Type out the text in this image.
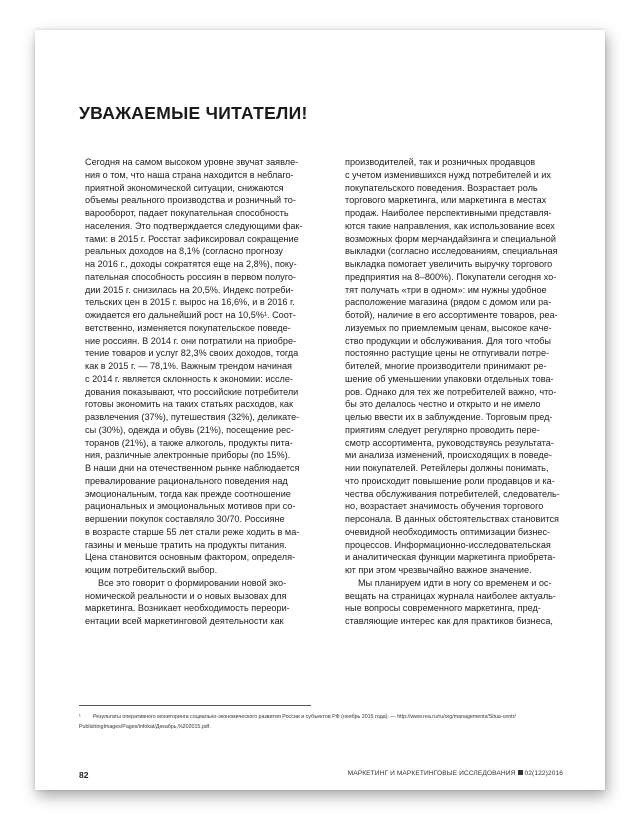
УВАЖАЕМЫЕ ЧИТАТЕЛИ!
Сегодня на самом высоком уровне звучат заявле-
ния о том, что наша страна находится в неблаго-
приятной экономической ситуации, снижаются
объемы реального производства и розничный то-
варооборот, падает покупательная способность
населения. Это подтверждается следующими фак-
тами: в 2015 г. Росстат зафиксировал сокращение
реальных доходов на 8,1% (согласно прогнозу
на 2016 г., доходы сократятся еще на 2,8%), поку-
пательная способность россиян в первом полуго-
дии 2015 г. снизилась на 20,5%. Индекс потреби-
тельских цен в 2015 г. вырос на 16,6%, и в 2016 г.
ожидается его дальнейший рост на 10,5%¹. Соот-
ветственно, изменяется покупательское поведе-
ние россиян. В 2014 г. они потратили на приобре-
тение товаров и услуг 82,3% своих доходов, тогда
как в 2015 г. — 78,1%. Важным трендом начиная
с 2014 г. является склонность к экономии: иссле-
дования показывают, что российские потребители
готовы экономить на таких статьях расходов, как
развлечения (37%), путешествия (32%), деликате-
сы (30%), одежда и обувь (21%), посещение рес-
торанов (21%), а также алкоголь, продукты пита-
ния, различные электронные приборы (по 15%).
В наши дни на отечественном рынке наблюдается
превалирование рационального поведения над
эмоциональным, тогда как прежде соотношение
рациональных и эмоциональных мотивов при со-
вершении покупок составляло 30/70. Россияне
в возрасте старше 55 лет стали реже ходить в ма-
газины и меньше тратить на продукты питания.
Цена становится основным фактором, определя-
ющим потребительский выбор.
Все это говорит о формировании новой эко-
номической реальности и о новых вызовах для
маркетинга. Возникает необходимость переори-
ентации всей маркетинговой деятельности как
производителей, так и розничных продавцов
с учетом изменившихся нужд потребителей и их
покупательского поведения. Возрастает роль
торгового маркетинга, или маркетинга в местах
продаж. Наиболее перспективными представля-
ются такие направления, как использование всех
возможных форм мерчандайзинга и специальной
выкладки (согласно исследованиям, специальная
выкладка помогает увеличить выручку торгового
предприятия на 8–800%). Покупатели сегодня хо-
тят получать «три в одном»: им нужны удобное
расположение магазина (рядом с домом или ра-
ботой), наличие в его ассортименте товаров, реа-
лизуемых по приемлемым ценам, высокое каче-
ство продукции и обслуживания. Для того чтобы
постоянно растущие цены не отпугивали потре-
бителей, многие производители принимают ре-
шение об уменьшении упаковки отдельных това-
ров. Однако для тех же потребителей важно, что-
бы это делалось честно и открыто и не имело
целью ввести их в заблуждение. Торговым пред-
приятиям следует регулярно проводить пере-
смотр ассортимента, руководствуясь результата-
ми анализа изменений, происходящих в поведе-
нии покупателей. Ретейлеры должны понимать,
что происходит повышение роли продавцов и ка-
чества обслуживания потребителей, следователь-
но, возрастает значимость обучения торгового
персонала. В данных обстоятельствах становится
очевидной необходимость оптимизации бизнес-
процессов. Информационно-исследовательская
и аналитическая функции маркетинга приобрета-
ют при этом чрезвычайно важное значение.
Мы планируем идти в ногу со временем и ос-
вещать на страницах журнала наиболее актуаль-
ные вопросы современного маркетинга, пред-
ставляющие интерес как для практиков бизнеса,
¹ Результаты оперативного мониторинга социально-экономического развития России и субъектов РФ (ноябрь 2015 года). — http://www.rea.ru/ru/org/managements/Situa-centr/
PublishingImages/Pages/infokat/Декабрь,%202015.pdf.
82	МАРКЕТИНГ И МАРКЕТИНГОВЫЕ ИССЛЕДОВАНИЯ 02(122)2016
